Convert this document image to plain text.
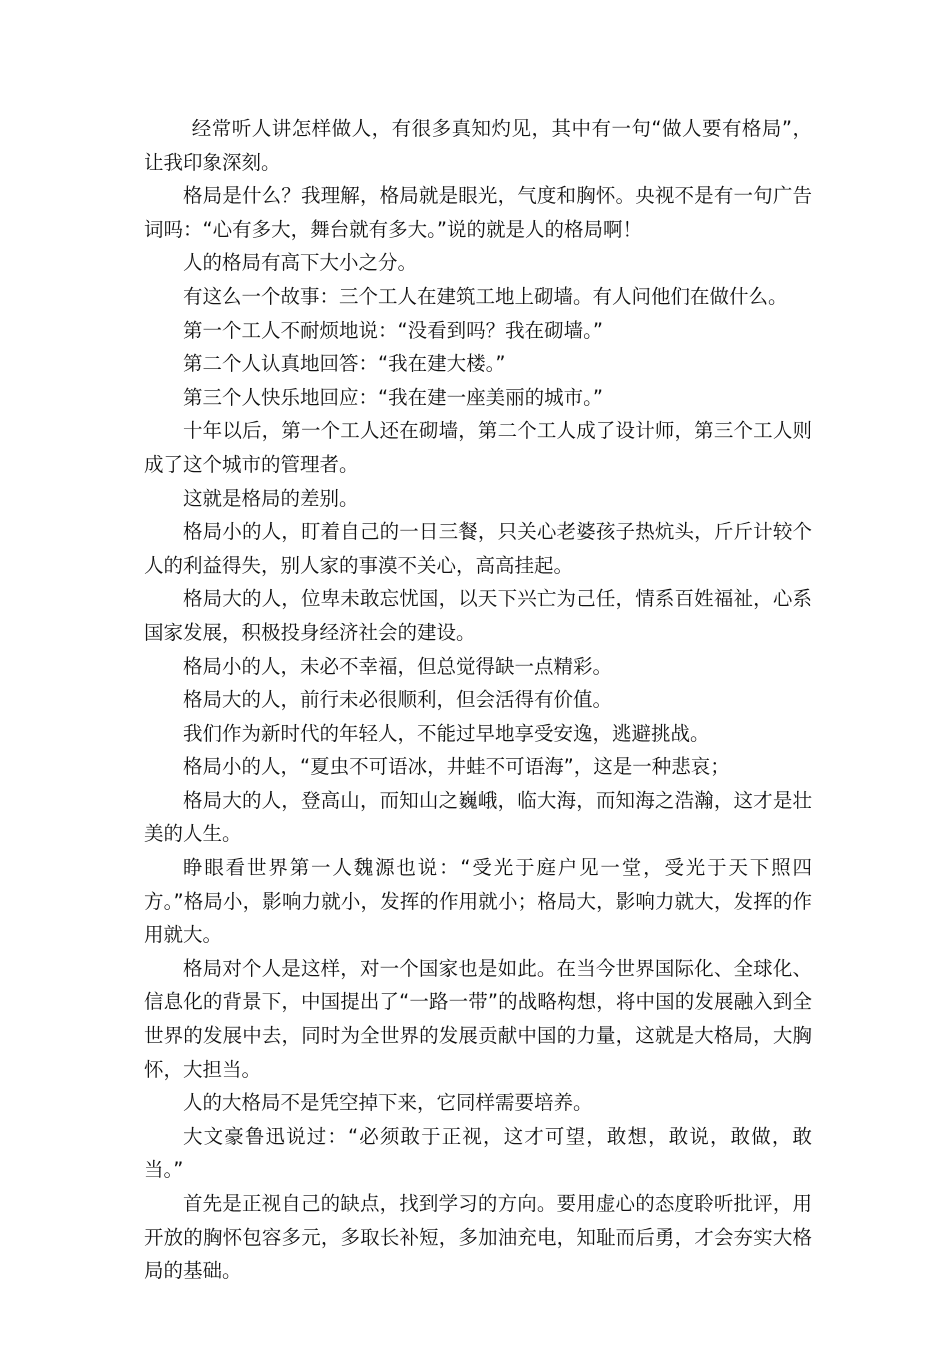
经常听人讲怎样做人，有很多真知灼见，其中有一句“做人要有格局”，让我印象深刻。

格局是什么？我理解，格局就是眼光，气度和胸怀。央视不是有一句广告词吗：“心有多大，舞台就有多大。”说的就是人的格局啊！

人的格局有高下大小之分。

有这么一个故事：三个工人在建筑工地上砌墙。有人问他们在做什么。

第一个工人不耐烦地说：“没看到吗？我在砌墙。”

第二个人认真地回答：“我在建大楼。”

第三个人快乐地回应：“我在建一座美丽的城市。”

十年以后，第一个工人还在砌墙，第二个工人成了设计师，第三个工人则成了这个城市的管理者。

这就是格局的差别。

格局小的人，盯着自己的一日三餐，只关心老婆孩子热炕头，斤斤计较个人的利益得失，别人家的事漠不关心，高高挂起。

格局大的人，位卑未敢忘忧国，以天下兴亡为己任，情系百姓福祉，心系国家发展，积极投身经济社会的建设。

格局小的人，未必不幸福，但总觉得缺一点精彩。

格局大的人，前行未必很顺利，但会活得有价值。

我们作为新时代的年轻人，不能过早地享受安逸，逃避挑战。

格局小的人，“夏虫不可语冰，井蛙不可语海”，这是一种悲哀；

格局大的人，登高山，而知山之巍峨，临大海，而知海之浩瀚，这才是壮美的人生。

睁眼看世界第一人魏源也说：“受光于庭户见一堂，受光于天下照四方。”格局小，影响力就小，发挥的作用就小；格局大，影响力就大，发挥的作用就大。

格局对个人是这样，对一个国家也是如此。在当今世界国际化、全球化、信息化的背景下，中国提出了“一路一带”的战略构想，将中国的发展融入到全世界的发展中去，同时为全世界的发展贡献中国的力量，这就是大格局，大胸怀，大担当。

人的大格局不是凭空掉下来，它同样需要培养。

大文豪鲁迅说过：“必须敢于正视，这才可望，敢想，敢说，敢做，敢当。”

首先是正视自己的缺点，找到学习的方向。要用虚心的态度聆听批评，用开放的胸怀包容多元，多取长补短，多加油充电，知耻而后勇，才会夯实大格局的基础。
